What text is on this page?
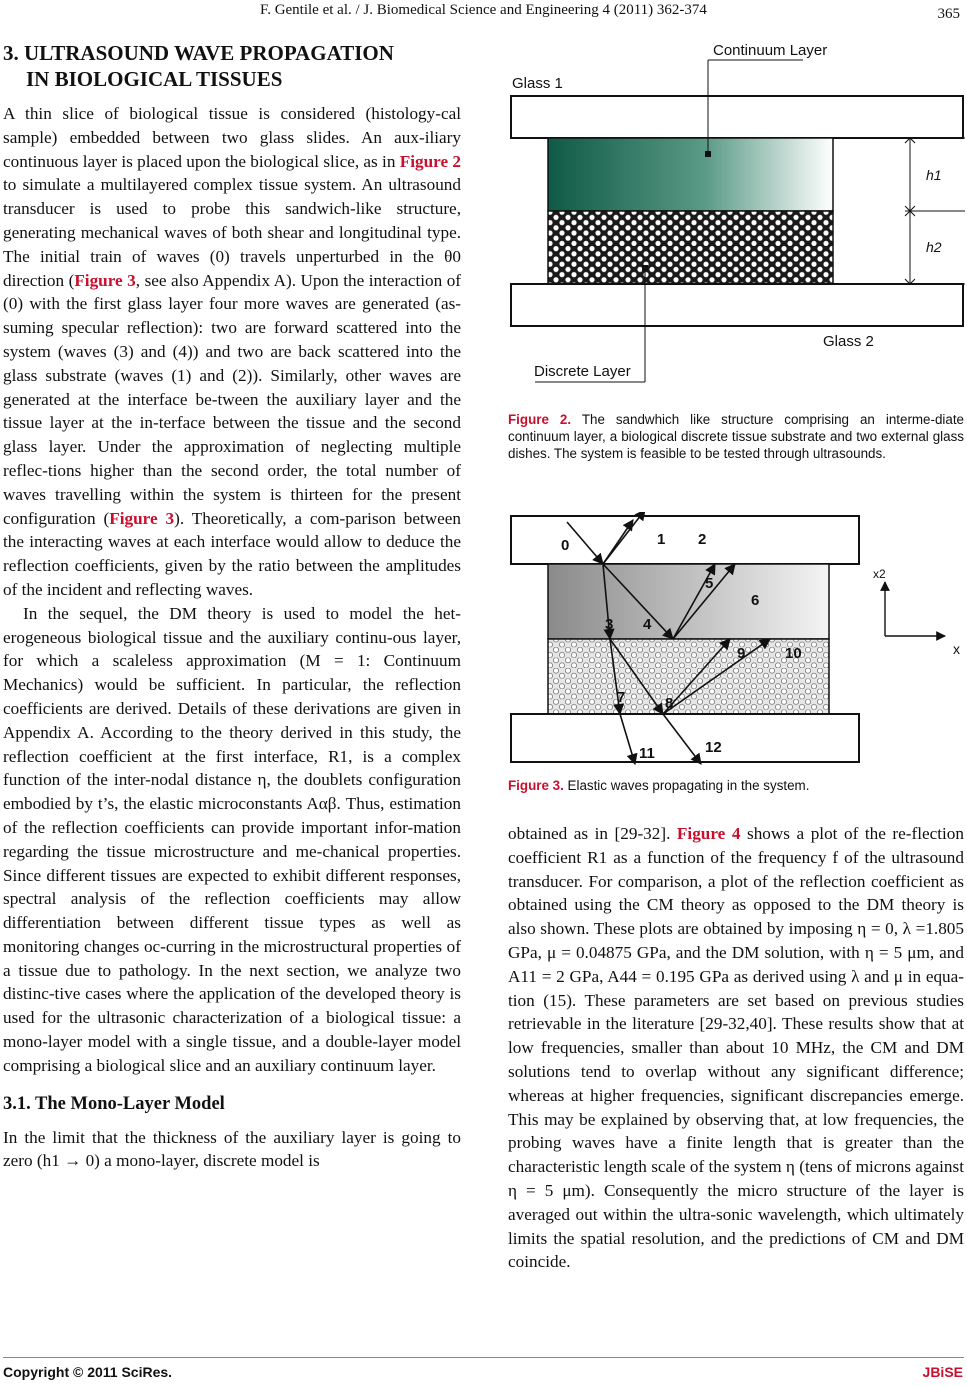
F. Gentile et al. / J. Biomedical Science and Engineering 4 (2011) 362-374	365
3. ULTRASOUND WAVE PROPAGATION
IN BIOLOGICAL TISSUES

A thin slice of biological tissue is considered (histology-cal sample) embedded between two glass slides. An aux-iliary continuous layer is placed upon the biological slice, as in Figure 2 to simulate a multilayered complex tissue system. An ultrasound transducer is used to probe this sandwich-like structure, generating mechanical waves of both shear and longitudinal type. The initial train of waves (0) travels unperturbed in the θ0 direction (Figure 3, see also Appendix A). Upon the interaction of (0) with the first glass layer four more waves are generated (as-suming specular reflection): two are forward scattered into the system (waves (3) and (4)) and two are back scattered into the glass substrate (waves (1) and (2)). Similarly, other waves are generated at the interface be-tween the auxiliary layer and the tissue layer at the in-terface between the tissue and the second glass layer. Under the approximation of neglecting multiple reflec-tions higher than the second order, the total number of waves travelling within the system is thirteen for the present configuration (Figure 3). Theoretically, a com-parison between the interacting waves at each interface would allow to deduce the reflection coefficients, given by the ratio between the amplitudes of the incident and reflecting waves.

In the sequel, the DM theory is used to model the het-erogeneous biological tissue and the auxiliary continu-ous layer, for which a scaleless approximation (M = 1: Continuum Mechanics) would be sufficient. In particular, the reflection coefficients are derived. Details of these derivations are given in Appendix A. According to the theory derived in this study, the reflection coefficient at the first interface, R1, is a complex function of the inter-nodal distance η, the doublets configuration embodied by t’s, the elastic microconstants Aαβ. Thus, estimation of the reflection coefficients can provide important infor-mation regarding the tissue microstructure and me-chanical properties. Since different tissues are expected to exhibit different responses, spectral analysis of the reflection coefficients may allow differentiation between different tissue types as well as monitoring changes oc-curring in the microstructural properties of a tissue due to pathology. In the next section, we analyze two distinc-tive cases where the application of the developed theory is used for the ultrasonic characterization of a biological tissue: a mono-layer model with a single tissue, and a double-layer model comprising a biological slice and an auxiliary continuum layer.

3.1. The Mono-Layer Model

In the limit that the thickness of the auxiliary layer is going to zero (h1 → 0) a mono-layer, discrete model is

Continuum Layer
Glass 1
h1
h2
Glass 2
Discrete Layer
Figure 2. The sandwhich like structure comprising an interme-diate continuum layer, a biological discrete tissue substrate and two external glass dishes. The system is feasible to be tested through ultrasounds.
0	1 2
3 4
5
6
7	8
9	10
11	12
x2
x
Figure 3. Elastic waves propagating in the system.

obtained as in [29-32]. Figure 4 shows a plot of the re-flection coefficient R1 as a function of the frequency f of the ultrasound transducer. For comparison, a plot of the reflection coefficient as obtained using the CM theory as opposed to the DM theory is also shown. These plots are obtained by imposing η = 0, λ =1.805 GPa, μ = 0.04875 GPa, and the DM solution, with η = 5 μm, and A11 = 2 GPa, A44 = 0.195 GPa as derived using λ and μ in equa-tion (15). These parameters are set based on previous studies retrievable in the literature [29-32,40]. These results show that at low frequencies, smaller than about 10 MHz, the CM and DM solutions tend to overlap without any significant difference; whereas at higher frequencies, significant discrepancies emerge. This may be explained by observing that, at low frequencies, the probing waves have a finite length that is greater than the characteristic length scale of the system η (tens of microns against η = 5 μm). Consequently the micro structure of the layer is averaged out within the ultra-sonic wavelength, which ultimately limits the spatial resolution, and the predictions of CM and DM coincide.

Copyright © 2011 SciRes.	JBiSE
